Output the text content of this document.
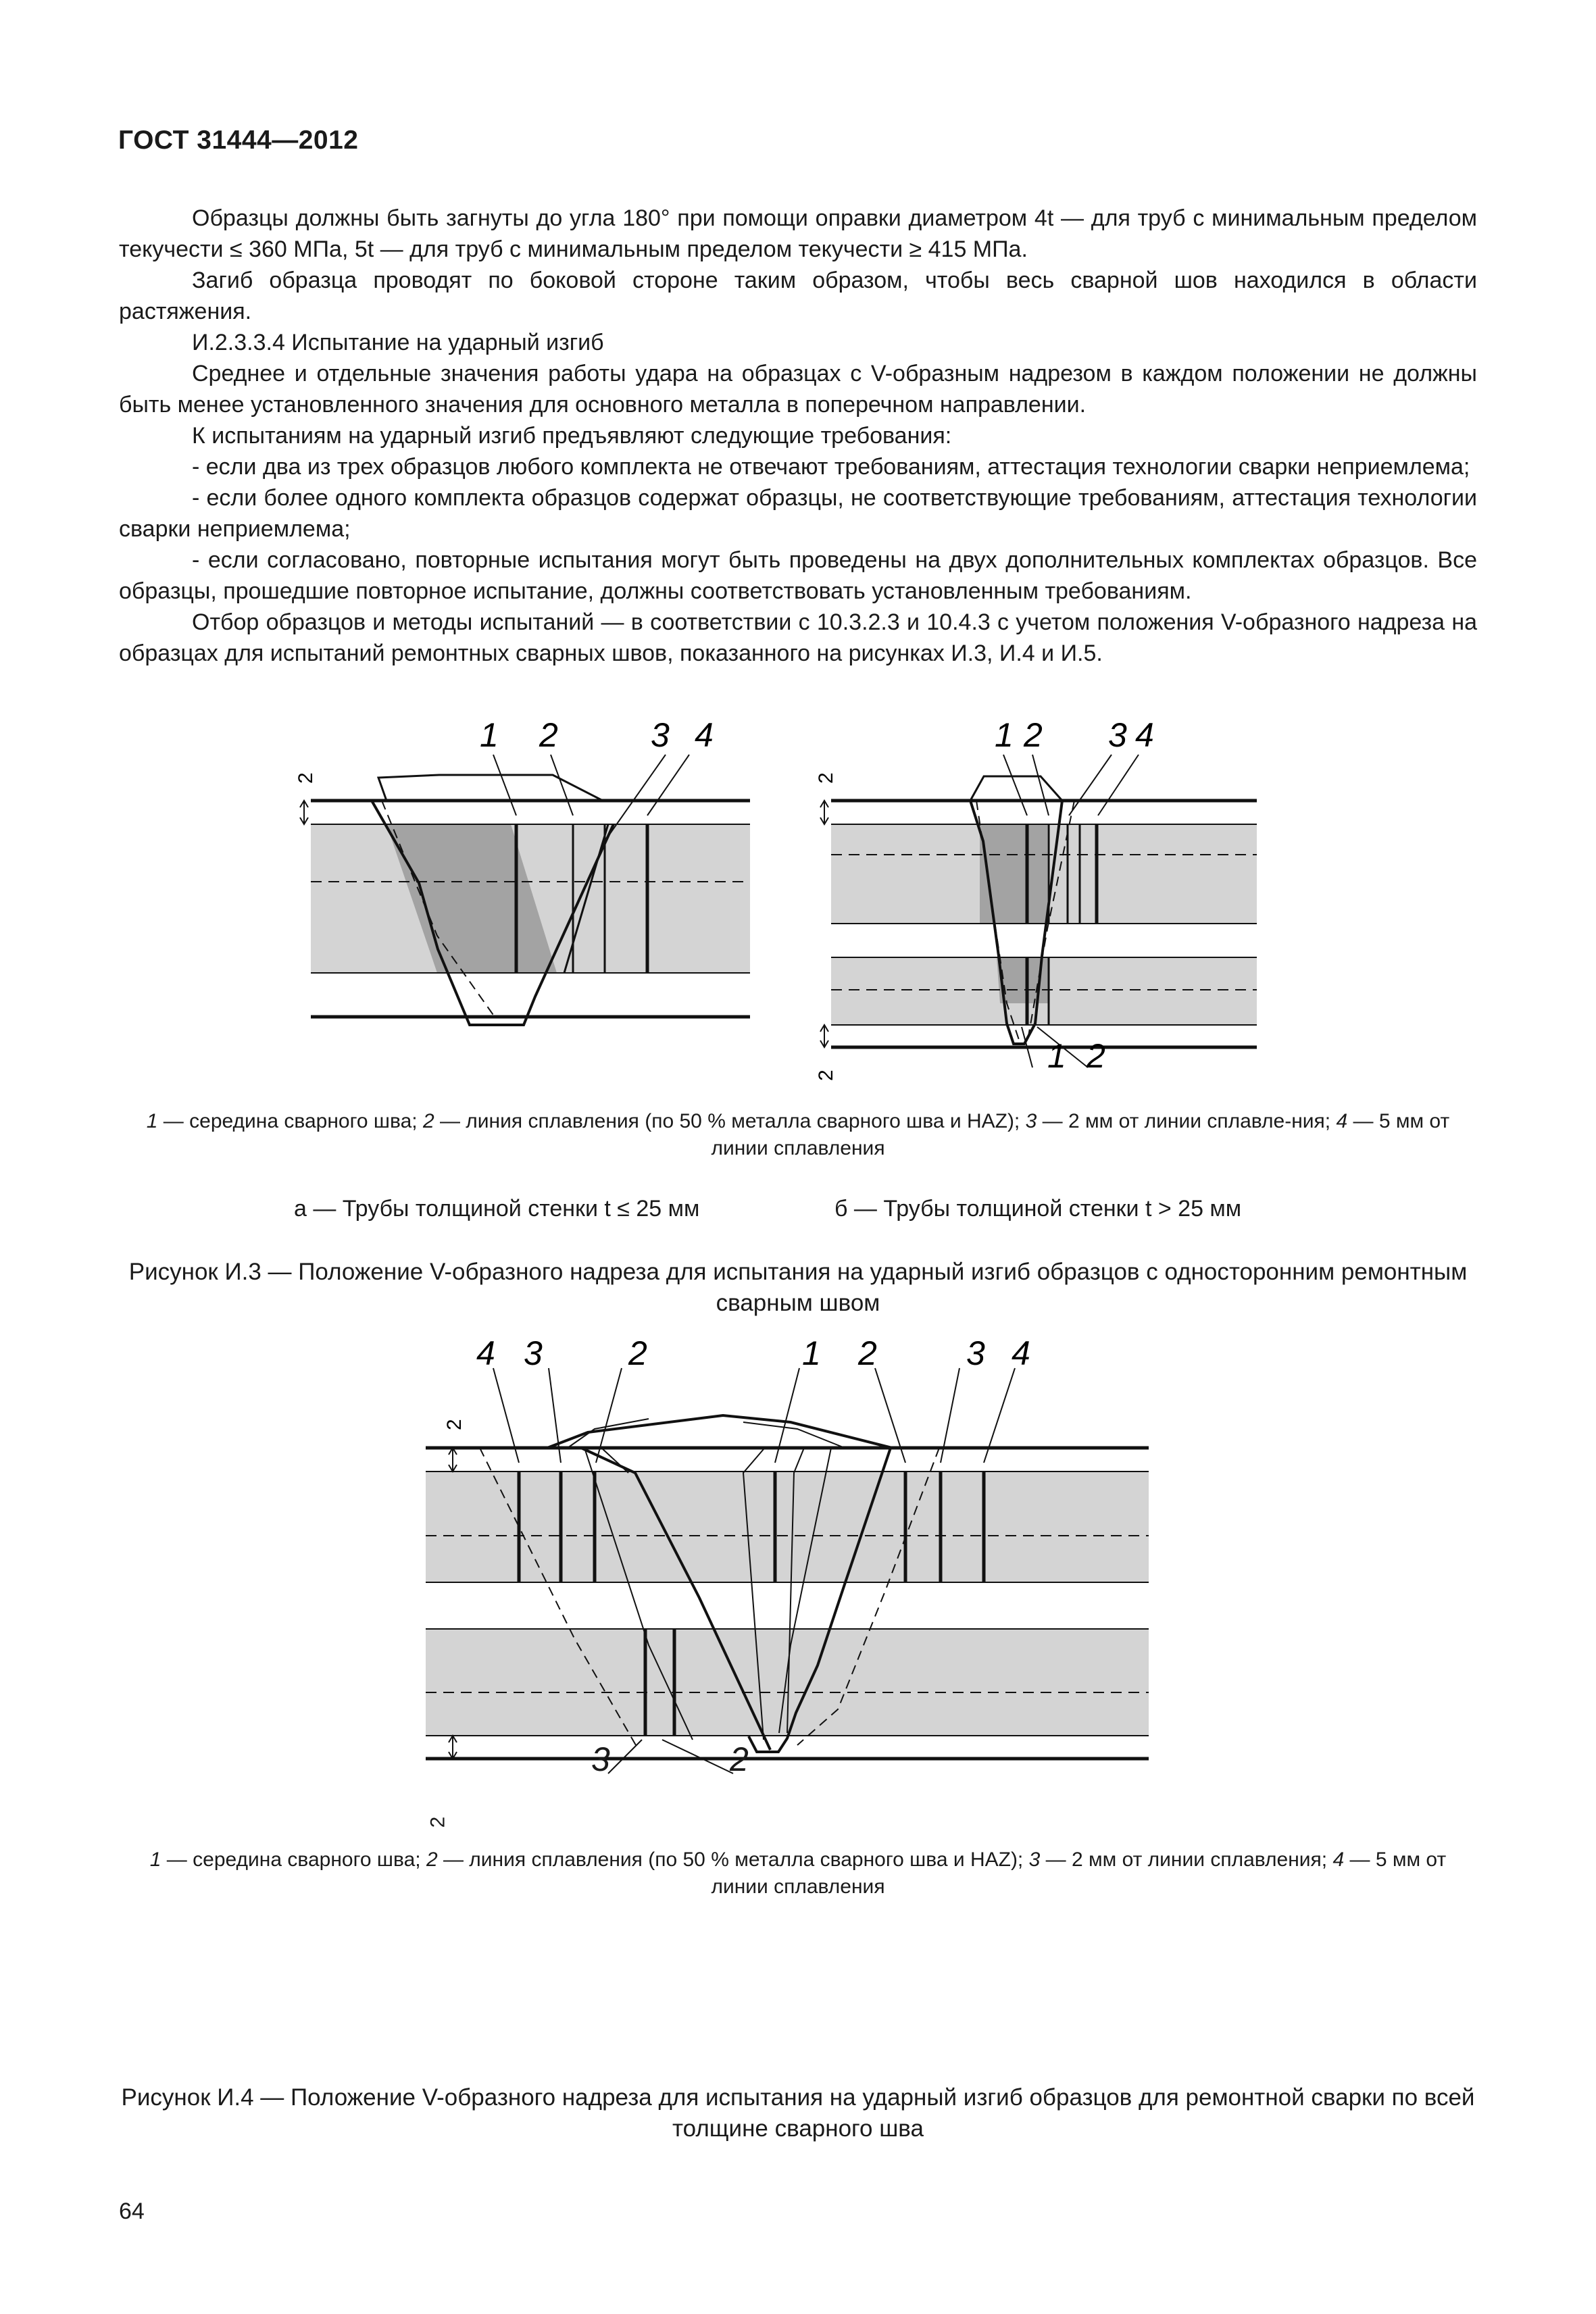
ГОСТ 31444—2012

Образцы должны быть загнуты до угла 180° при помощи оправки диаметром 4t — для труб с минимальным пределом текучести ≤ 360 МПа, 5t — для труб с минимальным пределом текучести ≥ 415 МПа.

Загиб образца проводят по боковой стороне таким образом, чтобы весь сварной шов находился в области растяжения.

И.2.3.3.4 Испытание на ударный изгиб

Среднее и отдельные значения работы удара на образцах с V-образным надрезом в каждом положении не должны быть менее установленного значения для основного металла в поперечном направлении.

К испытаниям на ударный изгиб предъявляют следующие требования:

- если два из трех образцов любого комплекта не отвечают требованиям, аттестация технологии сварки неприемлема;

- если более одного комплекта образцов содержат образцы, не соответствующие требованиям, аттестация технологии сварки неприемлема;

- если согласовано, повторные испытания могут быть проведены на двух дополнительных комплектах образцов. Все образцы, прошедшие повторное испытание, должны соответствовать установленным требованиям.

Отбор образцов и методы испытаний — в соответствии с 10.3.2.3 и 10.4.3 с учетом положения V-образного надреза на образцах для испытаний ремонтных сварных швов, показанного на рисунках И.3, И.4 и И.5.

1 2	3 4
2
1 2 3 4
1 2
2
2
1 — середина сварного шва; 2 — линия сплавления (по 50 % металла сварного шва и HAZ); 3 — 2 мм от линии сплавле-ния; 4 — 5 мм от линии сплавления
а — Трубы толщиной стенки t ≤ 25 мм	б — Трубы толщиной стенки t > 25 мм
Рисунок И.3 — Положение V-образного надреза для испытания на ударный изгиб образцов с односторонним ремонтным сварным швом
4 3	2	1 2	3 4
2
3	2
2
1 — середина сварного шва; 2 — линия сплавления (по 50 % металла сварного шва и HAZ); 3 — 2 мм от линии сплавления; 4 — 5 мм от линии сплавления
Рисунок И.4 — Положение V-образного надреза для испытания на ударный изгиб образцов для ремонтной сварки по всей толщине сварного шва
64
